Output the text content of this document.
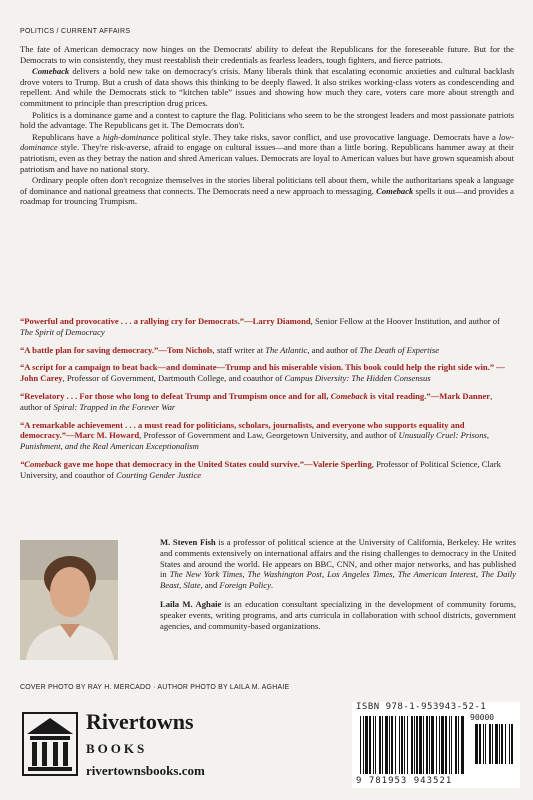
POLITICS / CURRENT AFFAIRS

The fate of American democracy now hinges on the Democrats' ability to defeat the Republicans for the foreseeable future. But for the Democrats to win consistently, they must reestablish their credentials as fearless leaders, tough fighters, and fierce patriots.

Comeback delivers a bold new take on democracy's crisis. Many liberals think that escalating economic anxieties and cultural backlash drove voters to Trump. But a crush of data shows this thinking to be deeply flawed. It also strikes working-class voters as condescending and repellent. And while the Democrats stick to “kitchen table” issues and showing how much they care, voters care more about strength and commitment to principle than prescription drug prices.

Politics is a dominance game and a contest to capture the flag. Politicians who seem to be the strongest leaders and most passionate patriots hold the advantage. The Republicans get it. The Democrats don't.

Republicans have a high-dominance political style. They take risks, savor conflict, and use provocative language. Democrats have a low-dominance style. They're risk-averse, afraid to engage on cultural issues—and more than a little boring. Republicans hammer away at their patriotism, even as they betray the nation and shred American values. Democrats are loyal to American values but have grown squeamish about patriotism and have no national story.

Ordinary people often don't recognize themselves in the stories liberal politicians tell about them, while the authoritarians speak a language of dominance and national greatness that connects. The Democrats need a new approach to messaging. Comeback spells it out—and provides a roadmap for trouncing Trumpism.

“Powerful and provocative . . . a rallying cry for Democrats.”—Larry Diamond, Senior Fellow at the Hoover Institution, and author of The Spirit of Democracy
“A battle plan for saving democracy.”—Tom Nichols, staff writer at The Atlantic, and author of The Death of Expertise
“A script for a campaign to beat back—and dominate—Trump and his miserable vision. This book could help the right side win.” —John Carey, Professor of Government, Dartmouth College, and coauthor of Campus Diversity: The Hidden Consensus
“Revelatory . . . For those who long to defeat Trump and Trumpism once and for all, Comeback is vital reading.”—Mark Danner, author of Spiral: Trapped in the Forever War
“A remarkable achievement . . . a must read for politicians, scholars, journalists, and everyone who supports equality and democracy.”—Marc M. Howard, Professor of Government and Law, Georgetown University, and author of Unusually Cruel: Prisons, Punishment, and the Real American Exceptionalism
“Comeback gave me hope that democracy in the United States could survive.”—Valerie Sperling, Professor of Political Science, Clark University, and coauthor of Courting Gender Justice

M. Steven Fish is a professor of political science at the University of California, Berkeley. He writes and comments extensively on international affairs and the rising challenges to democracy in the United States and around the world. He appears on BBC, CNN, and other major networks, and has published in The New York Times, The Washington Post, Los Angeles Times, The American Interest, The Daily Beast, Slate, and Foreign Policy.

Laila M. Aghaie is an education consultant specializing in the development of community forums, speaker events, writing programs, and arts curricula in collaboration with school districts, government agencies, and community-based organizations.

COVER PHOTO BY RAY H. MERCADO · AUTHOR PHOTO BY LAILA M. AGHAIE
Rivertowns
BOOKS
rivertownsbooks.com
ISBN 978-1-953943-52-1
90000
9 781953 943521
